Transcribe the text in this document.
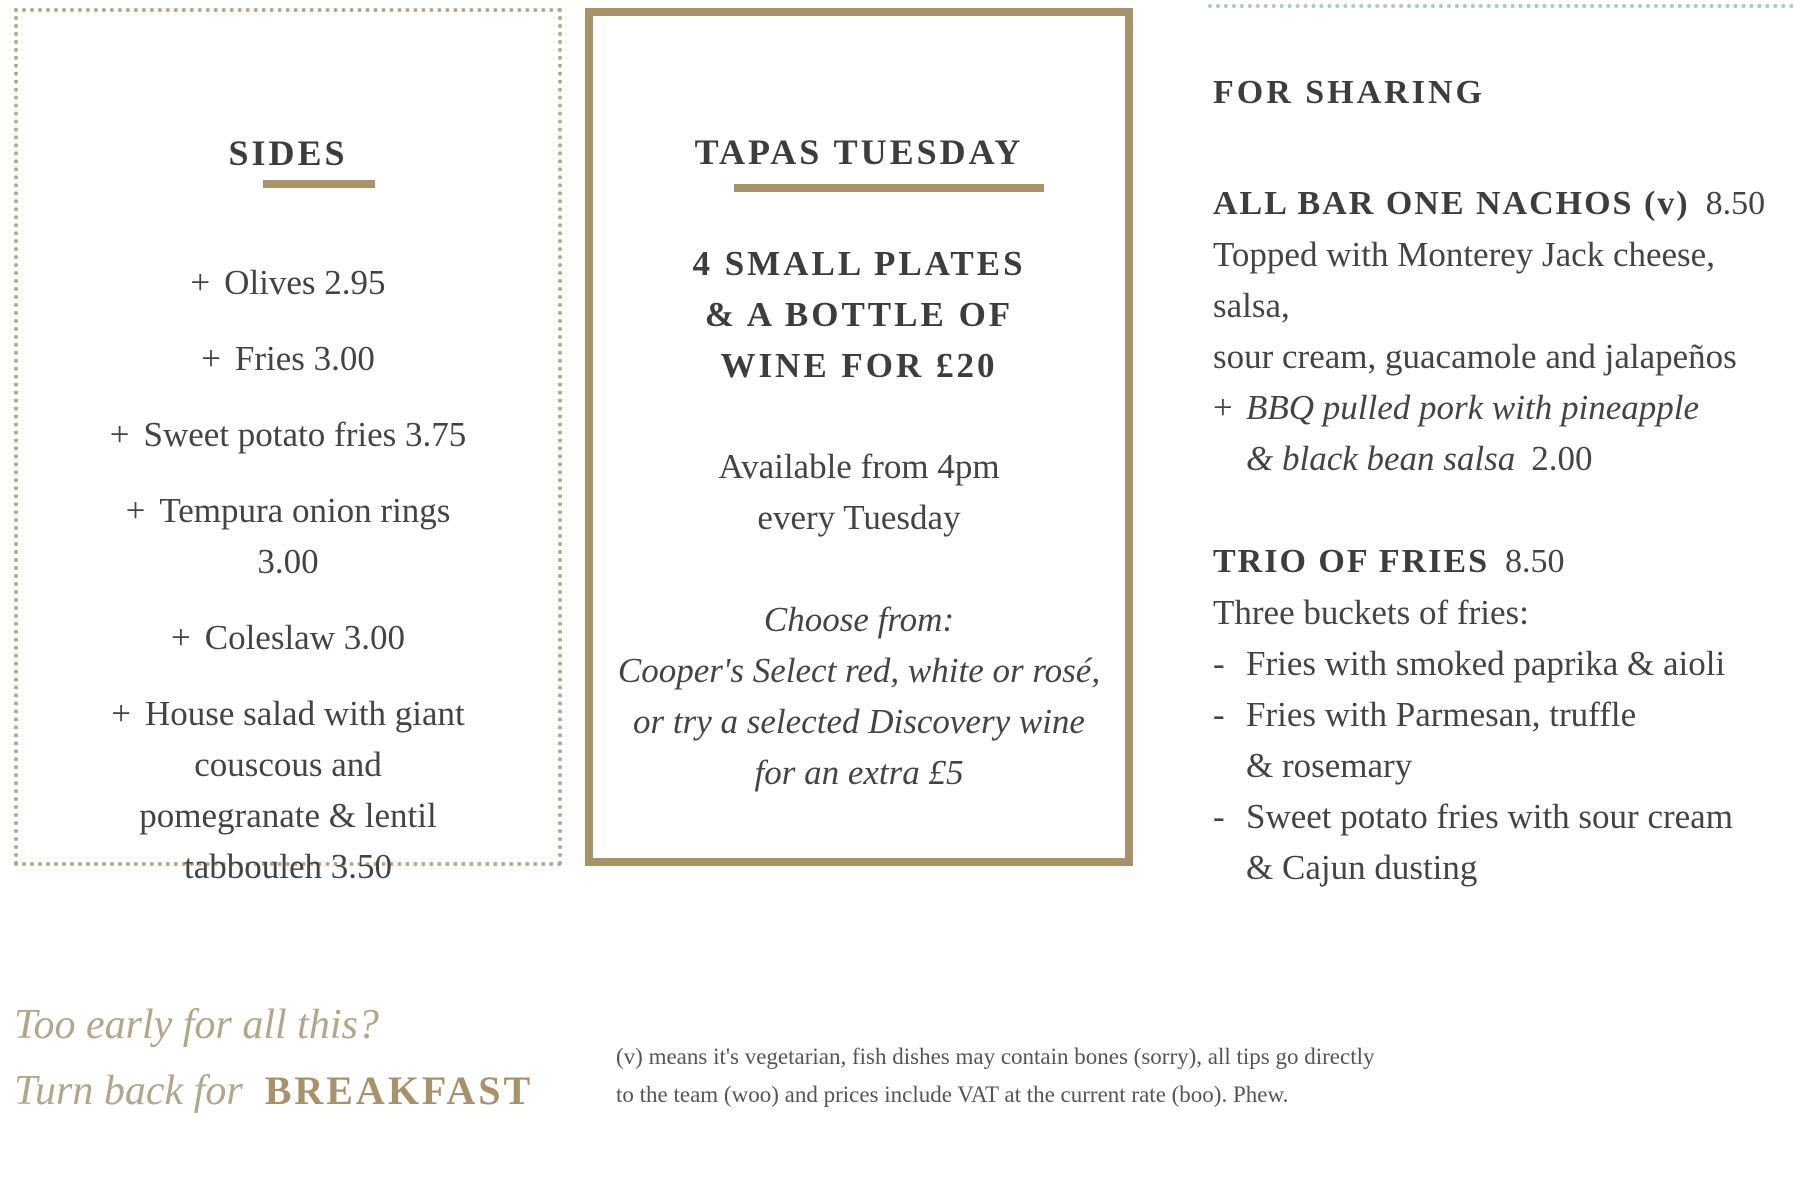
SIDES
+ Olives 2.95
+ Fries 3.00
+ Sweet potato fries 3.75
+ Tempura onion rings 3.00
+ Coleslaw 3.00
+ House salad with giant couscous and pomegranate & lentil tabbouleh 3.50
TAPAS TUESDAY
4 SMALL PLATES
& A BOTTLE OF
WINE FOR £20
Available from 4pm
every Tuesday
Choose from:
Cooper's Select red, white or rosé,
or try a selected Discovery wine
for an extra £5
FOR SHARING
ALL BAR ONE NACHOS (v) 8.50
Topped with Monterey Jack cheese, salsa,
sour cream, guacamole and jalapeños
+ BBQ pulled pork with pineapple
& black bean salsa 2.00
TRIO OF FRIES 8.50
Three buckets of fries:
- Fries with smoked paprika & aioli
- Fries with Parmesan, truffle
& rosemary
- Sweet potato fries with sour cream
& Cajun dusting
Too early for all this?
Turn back for BREAKFAST
(v) means it's vegetarian, fish dishes may contain bones (sorry), all tips go directly
to the team (woo) and prices include VAT at the current rate (boo). Phew.
